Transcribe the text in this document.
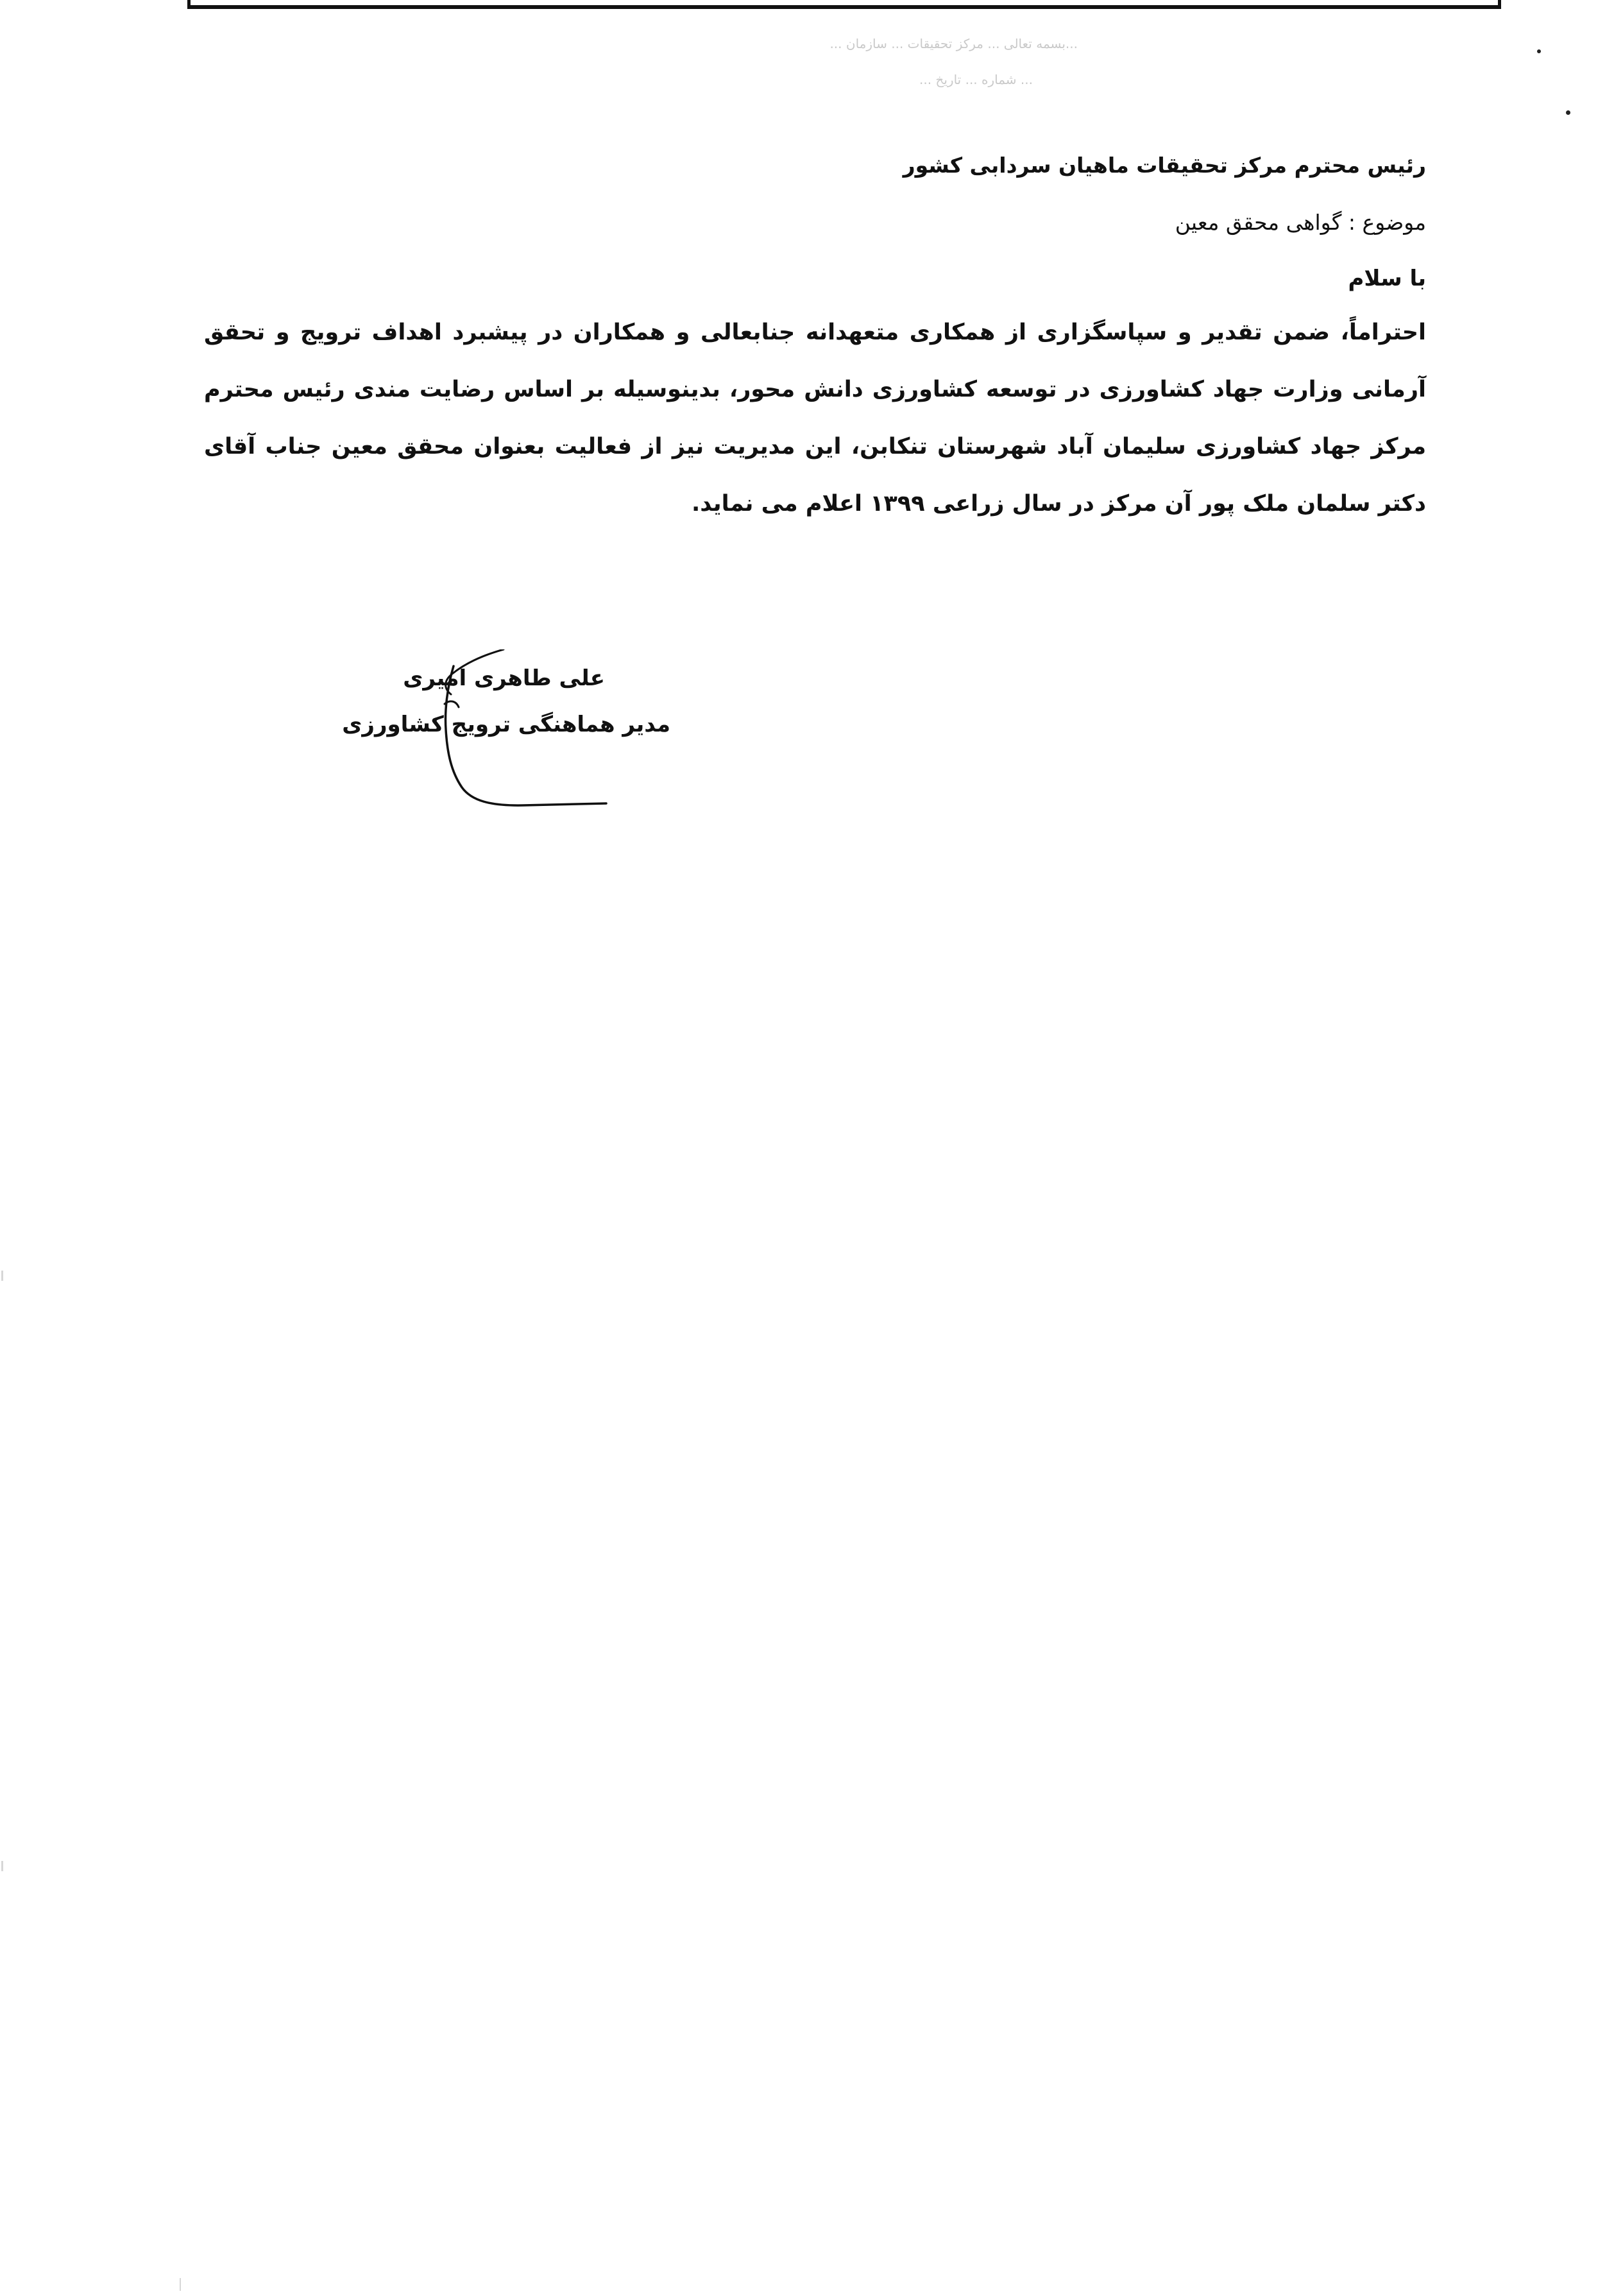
...بسمه تعالی ... مرکز تحقیقات ... سازمان ...
... شماره ... تاریخ ...
رئیس محترم مرکز تحقیقات ماهیان سردابی کشور
موضوع : گواهی محقق معین
با سلام
احتراماً، ضمن تقدیر و سپاسگزاری از همکاری متعهدانه جنابعالی و همکاران در پیشبرد اهداف ترویج و تحقق
آرمانی وزارت جهاد کشاورزی در توسعه کشاورزی دانش محور، بدینوسیله بر اساس رضایت مندی رئیس محترم
مرکز جهاد کشاورزی سلیمان آباد شهرستان تنکابن، این مدیریت نیز از فعالیت بعنوان محقق معین جناب آقای
دکتر سلمان ملک پور آن مرکز در سال زراعی ۱۳۹۹ اعلام می نماید.
علی طاهری امیری
مدیر هماهنگی ترویج کشاورزی
